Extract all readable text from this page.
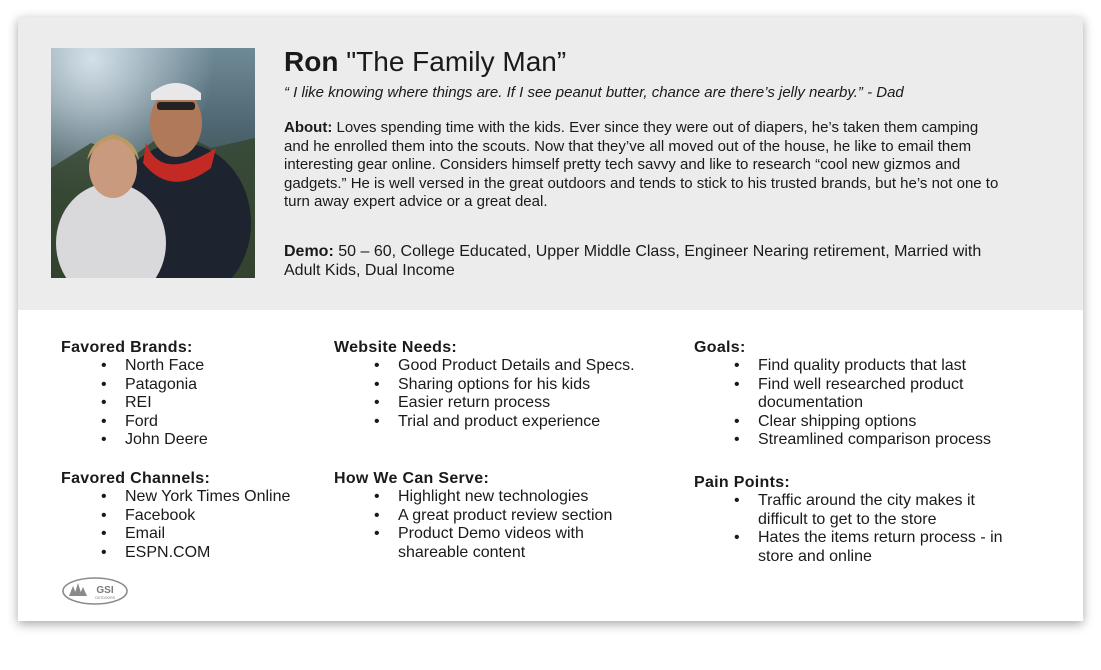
Ron "The Family Man”
“ I like knowing where things are. If I see peanut butter, chance are there’s jelly nearby.” - Dad
About: Loves spending time with the kids. Ever since they were out of diapers, he’s taken them camping and he enrolled them into the scouts. Now that they’ve all moved out of the house, he like to email them interesting gear online. Considers himself pretty tech savvy and like to research “cool new gizmos and gadgets.” He is well versed in the great outdoors and tends to stick to his trusted brands, but he’s not one to turn away expert advice or a great deal.
Demo: 50 – 60, College Educated, Upper Middle Class, Engineer Nearing retirement, Married with Adult Kids, Dual Income
Favored Brands:
• North Face
• Patagonia
• REI
• Ford
• John Deere
Favored Channels:
• New York Times Online
• Facebook
• Email
• ESPN.COM
Website Needs:
• Good Product Details and Specs.
• Sharing options for his kids
• Easier return process
• Trial and product experience
How We Can Serve:
• Highlight new technologies
• A great product review section
• Product Demo videos with shareable content
Goals:
• Find quality products that last
• Find well researched product documentation
• Clear shipping options
• Streamlined comparison process
Pain Points:
• Traffic around the city makes it difficult to get to the store
• Hates the items return process - in store and online
GSI
OUTDOORS
